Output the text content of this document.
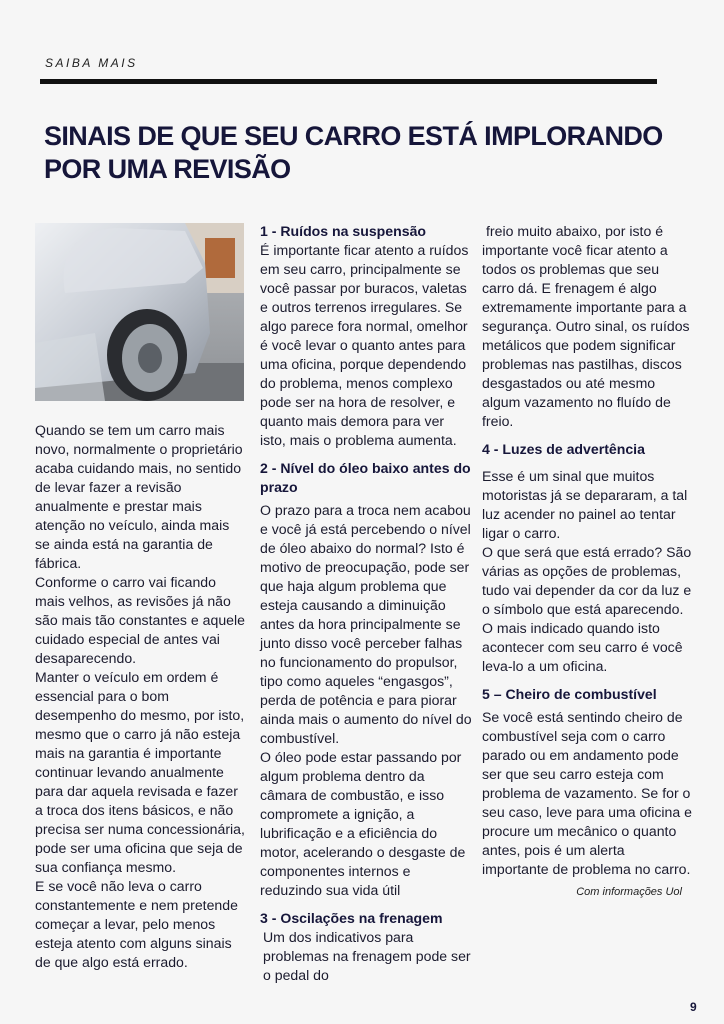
SAIBA MAIS
SINAIS DE QUE SEU CARRO ESTÁ IMPLORANDO POR UMA REVISÃO

Quando se tem um carro mais novo, normalmente o proprietário acaba cuidando mais, no sentido de levar fazer a revisão anualmente e prestar mais atenção no veículo, ainda mais se ainda está na garantia de fábrica.

Conforme o carro vai ficando mais velhos, as revisões já não são mais tão constantes e aquele cuidado especial de antes vai desaparecendo.

Manter o veículo em ordem é essencial para o bom desempenho do mesmo, por isto, mesmo que o carro já não esteja mais na garantia é importante continuar levando anualmente para dar aquela revisada e fazer a troca dos itens básicos, e não precisa ser numa concessionária, pode ser uma oficina que seja de sua confiança mesmo.

E se você não leva o carro constantemente e nem pretende começar a levar, pelo menos esteja atento com alguns sinais de que algo está errado.

1 - Ruídos na suspensão

É importante ficar atento a ruídos em seu carro, principalmente se você passar por buracos, valetas e outros terrenos irregulares. Se algo parece fora normal, omelhor é você levar o quanto antes para uma oficina, porque dependendo do problema, menos complexo pode ser na hora de resolver, e quanto mais demora para ver isto, mais o problema aumenta.

2 - Nível do óleo baixo antes do prazo

O prazo para a troca nem acabou e você já está percebendo o nível de óleo abaixo do normal? Isto é motivo de preocupação, pode ser que haja algum problema que esteja causando a diminuição antes da hora principalmente se junto disso você perceber falhas no funcionamento do propulsor, tipo como aqueles “engasgos”, perda de potência e para piorar ainda mais o aumento do nível do combustível.

O óleo pode estar passando por algum problema dentro da câmara de combustão, e isso compromete a ignição, a lubrificação e a eficiência do motor, acelerando o desgaste de componentes internos e reduzindo sua vida útil

3 - Oscilações na frenagem

Um dos indicativos para problemas na frenagem pode ser o pedal do

freio muito abaixo, por isto é importante você ficar atento a todos os problemas que seu carro dá. E frenagem é algo extremamente importante para a segurança. Outro sinal, os ruídos metálicos que podem significar problemas nas pastilhas, discos desgastados ou até mesmo algum vazamento no fluído de freio.

4 - Luzes de advertência

Esse é um sinal que muitos motoristas já se depararam, a tal luz acender no painel ao tentar ligar o carro.

O que será que está errado? São várias as opções de problemas, tudo vai depender da cor da luz e o símbolo que está aparecendo. O mais indicado quando isto acontecer com seu carro é você leva-lo a um oficina.

5 – Cheiro de combustível

Se você está sentindo cheiro de combustível seja com o carro parado ou em andamento pode ser que seu carro esteja com problema de vazamento. Se for o seu caso, leve para uma oficina e procure um mecânico o quanto antes, pois é um alerta importante de problema no carro.

Com informações Uol
9
